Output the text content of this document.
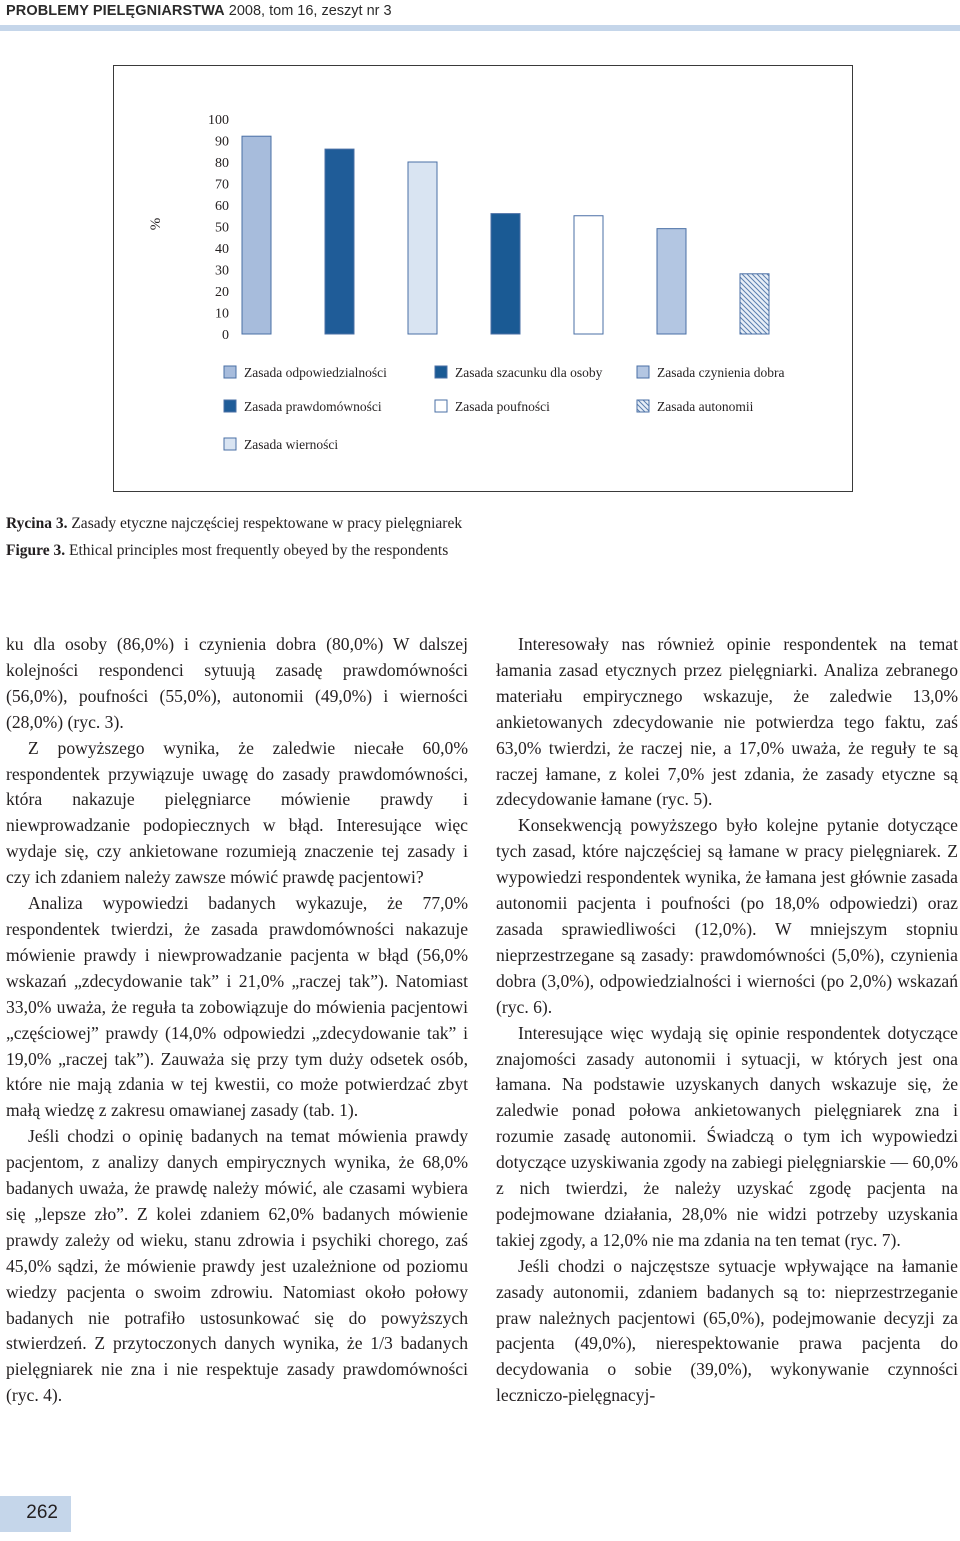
PROBLEMY PIELĘGNIARSTWA 2008, tom 16, zeszyt nr 3
%
100
90
80
70
60
50
40
30
20
10
0
Zasada odpowiedzialności	Zasada szacunku dla osoby	Zasada czynienia dobra
Zasada prawdomówności	Zasada poufności	Zasada autonomii
Zasada wierności
Rycina 3. Zasady etyczne najczęściej respektowane w pracy pielęgniarek
Figure 3. Ethical principles most frequently obeyed by the respondents

ku dla osoby (86,0%) i czynienia dobra (80,0%) W dalszej kolejności respondenci sytuują zasadę prawdomówności (56,0%), poufności (55,0%), autonomii (49,0%) i wierności (28,0%) (ryc. 3).

Z powyższego wynika, że zaledwie niecałe 60,0% respondentek przywiązuje uwagę do zasady prawdomówności, która nakazuje pielęgniarce mówienie prawdy i niewprowadzanie podopiecznych w błąd. Interesujące więc wydaje się, czy ankietowane rozumieją znaczenie tej zasady i czy ich zdaniem należy zawsze mówić prawdę pacjentowi?

Analiza wypowiedzi badanych wykazuje, że 77,0% respondentek twierdzi, że zasada prawdomówności nakazuje mówienie prawdy i niewprowadzanie pacjenta w błąd (56,0% wskazań „zdecydowanie tak” i 21,0% „raczej tak”). Natomiast 33,0% uważa, że reguła ta zobowiązuje do mówienia pacjentowi „częściowej” prawdy (14,0% odpowiedzi „zdecydowanie tak” i 19,0% „raczej tak”). Zauważa się przy tym duży odsetek osób, które nie mają zdania w tej kwestii, co może potwierdzać zbyt małą wiedzę z zakresu omawianej zasady (tab. 1).

Jeśli chodzi o opinię badanych na temat mówienia prawdy pacjentom, z analizy danych empirycznych wynika, że 68,0% badanych uważa, że prawdę należy mówić, ale czasami wybiera się „lepsze zło”. Z kolei zdaniem 62,0% badanych mówienie prawdy zależy od wieku, stanu zdrowia i psychiki chorego, zaś 45,0% sądzi, że mówienie prawdy jest uzależnione od poziomu wiedzy pacjenta o swoim zdrowiu. Natomiast około połowy badanych nie potrafiło ustosunkować się do powyższych stwierdzeń. Z przytoczonych danych wynika, że 1/3 badanych pielęgniarek nie zna i nie respektuje zasady prawdomówności (ryc. 4).

Interesowały nas również opinie respondentek na temat łamania zasad etycznych przez pielęgniarki. Analiza zebranego materiału empirycznego wskazuje, że zaledwie 13,0% ankietowanych zdecydowanie nie potwierdza tego faktu, zaś 63,0% twierdzi, że raczej nie, a 17,0% uważa, że reguły te są raczej łamane, z kolei 7,0% jest zdania, że zasady etyczne są zdecydowanie łamane (ryc. 5).

Konsekwencją powyższego było kolejne pytanie dotyczące tych zasad, które najczęściej są łamane w pracy pielęgniarek. Z wypowiedzi respondentek wynika, że łamana jest głównie zasada autonomii pacjenta i poufności (po 18,0% odpowiedzi) oraz zasada sprawiedliwości (12,0%). W mniejszym stopniu nieprzestrzegane są zasady: prawdomówności (5,0%), czynienia dobra (3,0%), odpowiedzialności i wierności (po 2,0%) wskazań (ryc. 6).

Interesujące więc wydają się opinie respondentek dotyczące znajomości zasady autonomii i sytuacji, w których jest ona łamana. Na podstawie uzyskanych danych wskazuje się, że zaledwie ponad połowa ankietowanych pielęgniarek zna i rozumie zasadę autonomii. Świadczą o tym ich wypowiedzi dotyczące uzyskiwania zgody na zabiegi pielęgniarskie — 60,0% z nich twierdzi, że należy uzyskać zgodę pacjenta na podejmowane działania, 28,0% nie widzi potrzeby uzyskania takiej zgody, a 12,0% nie ma zdania na ten temat (ryc. 7).

Jeśli chodzi o najczęstsze sytuacje wpływające na łamanie zasady autonomii, zdaniem badanych są to: nieprzestrzeganie praw należnych pacjentowi (65,0%), podejmowanie decyzji za pacjenta (49,0%), nierespektowanie prawa pacjenta do decydowania o sobie (39,0%), wykonywanie czynności leczniczo-pielęgnacyj-

262
